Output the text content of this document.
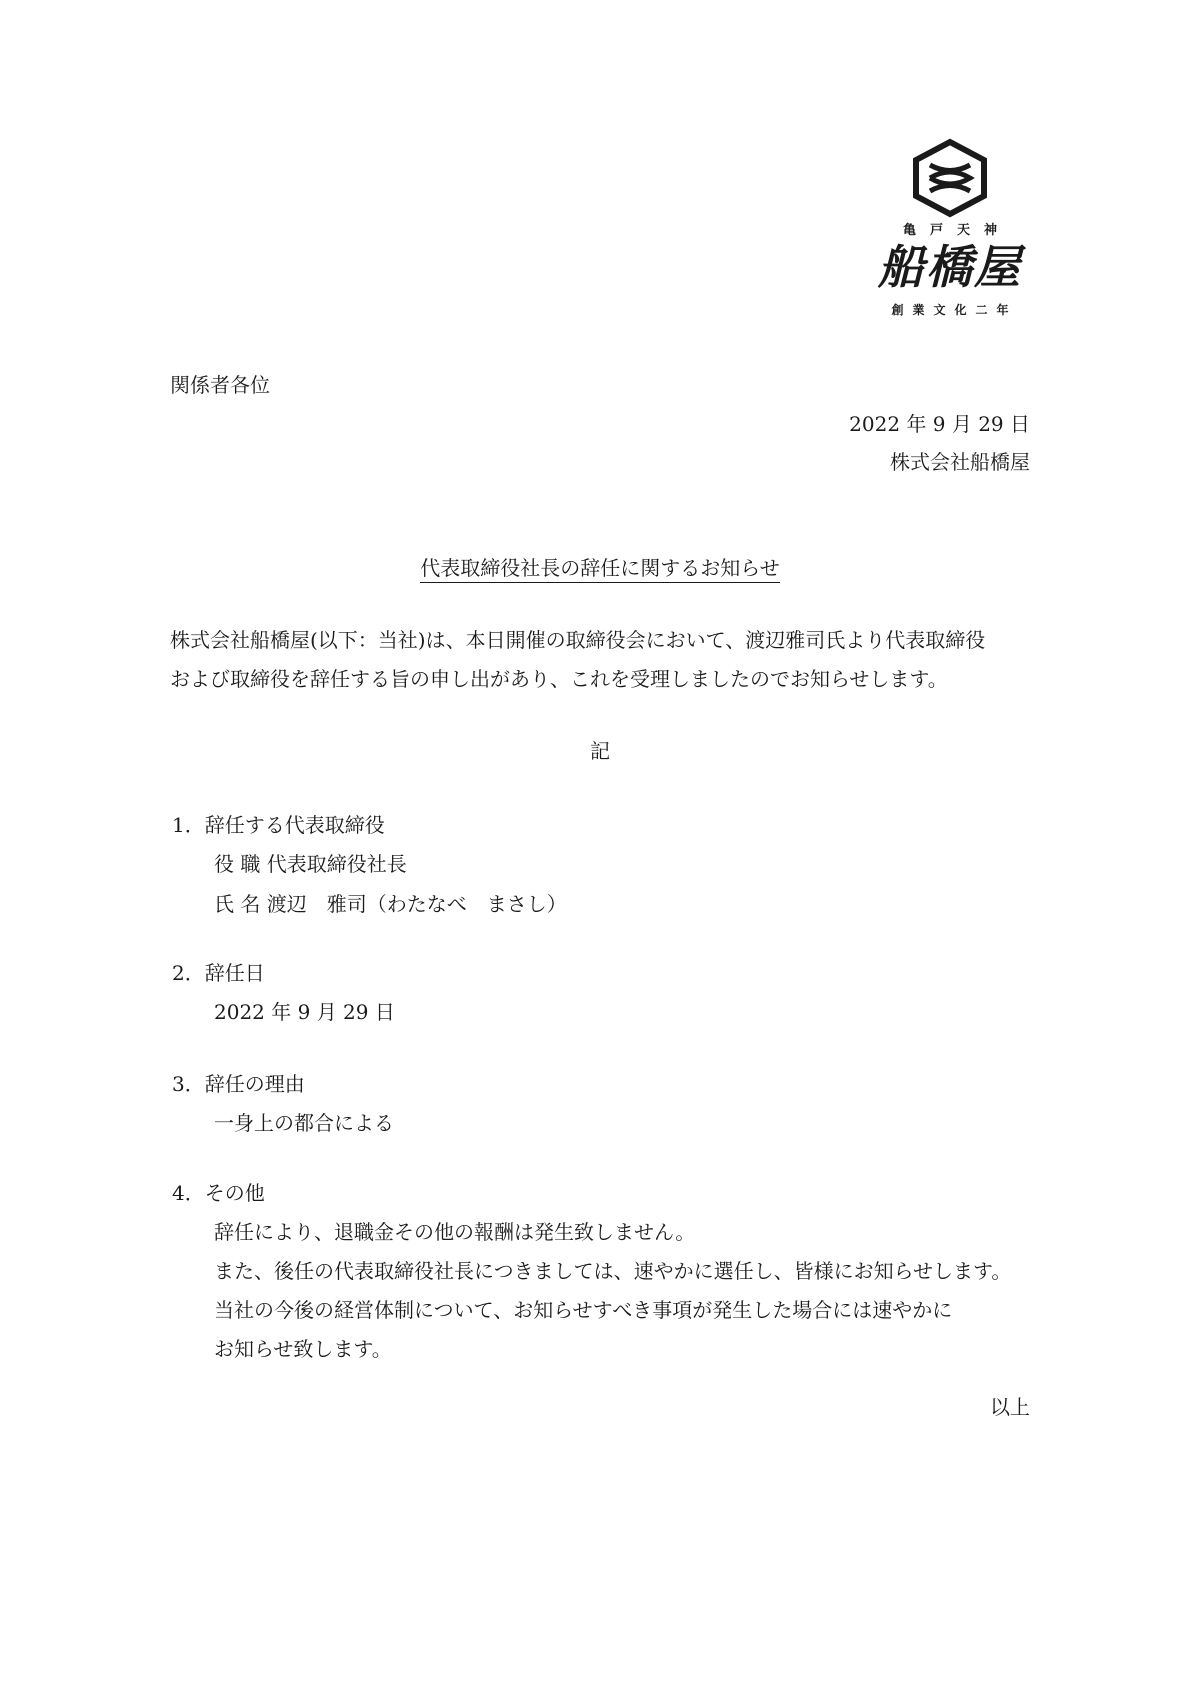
亀戸天神
船橋屋
創業文化二年
関係者各位
2022 年 9 月 29 日
株式会社船橋屋
代表取締役社長の辞任に関するお知らせ
株式会社船橋屋(以下：当社)は、本日開催の取締役会において、渡辺雅司氏より代表取締役
および取締役を辞任する旨の申し出があり、これを受理しましたのでお知らせします。
記
1．辞任する代表取締役
役 職 代表取締役社長
氏 名 渡辺　雅司（わたなべ　まさし）
2．辞任日
2022 年 9 月 29 日
3．辞任の理由
一身上の都合による
4．その他
辞任により、退職金その他の報酬は発生致しません。
また、後任の代表取締役社長につきましては、速やかに選任し、皆様にお知らせします。
当社の今後の経営体制について、お知らせすべき事項が発生した場合には速やかに
お知らせ致します。
以上
